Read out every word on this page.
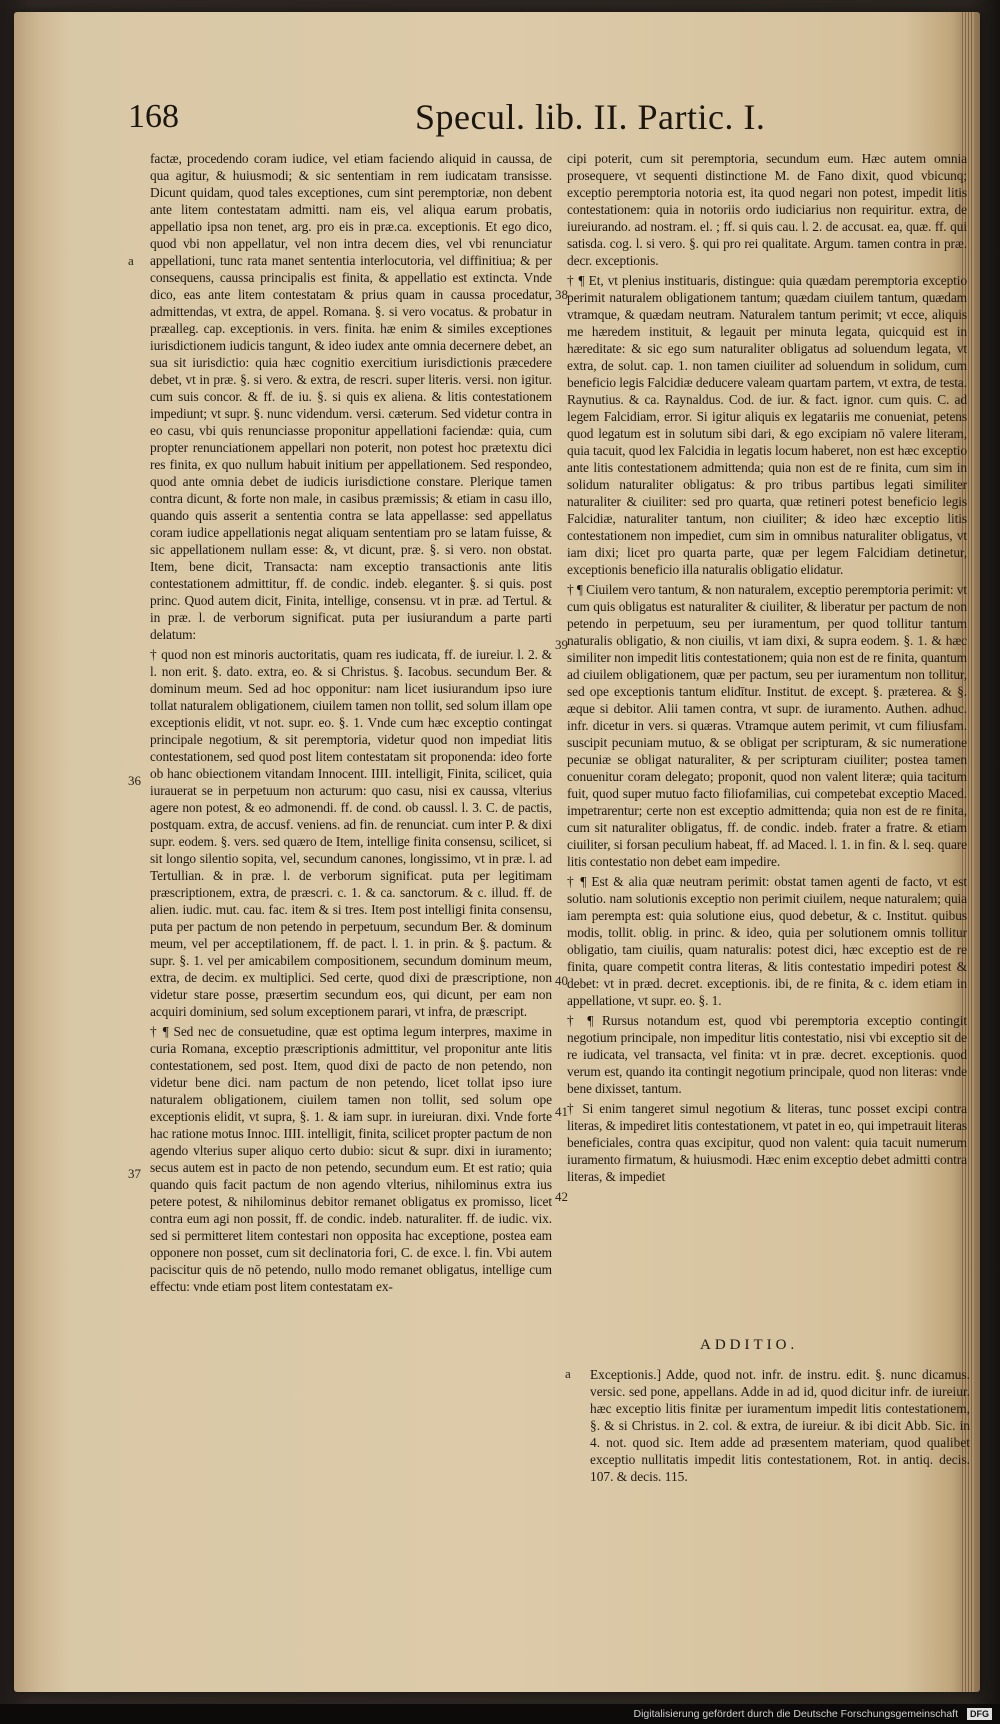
168	Specul. lib. II. Partic. I.
a
36
37
38
39
40
41
42

factæ, procedendo coram iudice, vel etiam faciendo aliquid in caussa, de qua agitur, & huiusmodi; & sic sententiam in rem iudicatam transisse. Dicunt quidam, quod tales exceptiones, cum sint peremptoriæ, non debent ante litem contestatam admitti. nam eis, vel aliqua earum probatis, appellatio ipsa non tenet, arg. pro eis in præ.ca. exceptionis. Et ego dico, quod vbi non appellatur, vel non intra decem dies, vel vbi renunciatur appellationi, tunc rata manet sententia interlocutoria, vel diffinitiua; & per consequens, caussa principalis est finita, & appellatio est extincta. Vnde dico, eas ante litem contestatam & prius quam in caussa procedatur, admittendas, vt extra, de appel. Romana. §. si vero vocatus. & probatur in præalleg. cap. exceptionis. in vers. finita. hæ enim & similes exceptiones iurisdictionem iudicis tangunt, & ideo iudex ante omnia decernere debet, an sua sit iurisdictio: quia hæc cognitio exercitium iurisdictionis præcedere debet, vt in præ. §. si vero. & extra, de rescri. super literis. versi. non igitur. cum suis concor. & ff. de iu. §. si quis ex aliena. & litis contestationem impediunt; vt supr. §. nunc videndum. versi. cæterum. Sed videtur contra in eo casu, vbi quis renunciasse proponitur appellationi faciendæ: quia, cum propter renunciationem appellari non poterit, non potest hoc prætextu dici res finita, ex quo nullum habuit initium per appellationem. Sed respondeo, quod ante omnia debet de iudicis iurisdictione constare. Plerique tamen contra dicunt, & forte non male, in casibus præmissis; & etiam in casu illo, quando quis asserit a sententia contra se lata appellasse: sed appellatus coram iudice appellationis negat aliquam sententiam pro se latam fuisse, & sic appellationem nullam esse: &, vt dicunt, præ. §. si vero. non obstat. Item, bene dicit, Transacta: nam exceptio transactionis ante litis contestationem admittitur, ff. de condic. indeb. eleganter. §. si quis. post princ. Quod autem dicit, Finita, intellige, consensu. vt in præ. ad Tertul. & in præ. l. de verborum significat. puta per iusiurandum a parte parti delatum:

† quod non est minoris auctoritatis, quam res iudicata, ff. de iureiur. l. 2. & l. non erit. §. dato. extra, eo. & si Christus. §. Iacobus. secundum Ber. & dominum meum. Sed ad hoc opponitur: nam licet iusiurandum ipso iure tollat naturalem obligationem, ciuilem tamen non tollit, sed solum illam ope exceptionis elidit, vt not. supr. eo. §. 1. Vnde cum hæc exceptio contingat principale negotium, & sit peremptoria, videtur quod non impediat litis contestationem, sed quod post litem contestatam sit proponenda: ideo forte ob hanc obiectionem vitandam Innocent. IIII. intelligit, Finita, scilicet, quia iurauerat se in perpetuum non acturum: quo casu, nisi ex caussa, vlterius agere non potest, & eo admonendi. ff. de cond. ob caussl. l. 3. C. de pactis, postquam. extra, de accusf. veniens. ad fin. de renunciat. cum inter P. & dixi supr. eodem. §. vers. sed quæro de Item, intellige finita consensu, scilicet, si sit longo silentio sopita, vel, secundum canones, longissimo, vt in præ. l. ad Tertullian. & in præ. l. de verborum significat. puta per legitimam præscriptionem, extra, de præscri. c. 1. & ca. sanctorum. & c. illud. ff. de alien. iudic. mut. cau. fac. item & si tres. Item post intelligi finita consensu, puta per pactum de non petendo in perpetuum, secundum Ber. & dominum meum, vel per acceptilationem, ff. de pact. l. 1. in prin. & §. pactum. & supr. §. 1. vel per amicabilem compositionem, secundum dominum meum, extra, de decim. ex multiplici. Sed certe, quod dixi de præscriptione, non videtur stare posse, præsertim secundum eos, qui dicunt, per eam non acquiri dominium, sed solum exceptionem parari, vt infra, de præscript.

† ¶ Sed nec de consuetudine, quæ est optima legum interpres, maxime in curia Romana, exceptio præscriptionis admittitur, vel proponitur ante litis contestationem, sed post. Item, quod dixi de pacto de non petendo, non videtur bene dici. nam pactum de non petendo, licet tollat ipso iure naturalem obligationem, ciuilem tamen non tollit, sed solum ope exceptionis elidit, vt supra, §. 1. & iam supr. in iureiuran. dixi. Vnde forte hac ratione motus Innoc. IIII. intelligit, finita, scilicet propter pactum de non agendo vlterius super aliquo certo dubio: sicut & supr. dixi in iuramento; secus autem est in pacto de non petendo, secundum eum. Et est ratio; quia quando quis facit pactum de non agendo vlterius, nihilominus extra ius petere potest, & nihilominus debitor remanet obligatus ex promisso, licet contra eum agi non possit, ff. de condic. indeb. naturaliter. ff. de iudic. vix. sed si permitteret litem contestari non opposita hac exceptione, postea eam opponere non posset, cum sit declinatoria fori, C. de exce. l. fin. Vbi autem paciscitur quis de nō petendo, nullo modo remanet obligatus, intellige cum effectu: vnde etiam post litem contestatam ex-

cipi poterit, cum sit peremptoria, secundum eum. Hæc autem omnia prosequere, vt sequenti distinctione M. de Fano dixit, quod vbicunq; exceptio peremptoria notoria est, ita quod negari non potest, impedit litis contestationem: quia in notoriis ordo iudiciarius non requiritur. extra, de iureiurando. ad nostram. el. ; ff. si quis cau. l. 2. de accusat. ea, quæ. ff. qui satisda. cog. l. si vero. §. qui pro rei qualitate. Argum. tamen contra in præ. decr. exceptionis.

† ¶ Et, vt plenius instituaris, distingue: quia quædam peremptoria exceptio perimit naturalem obligationem tantum; quædam ciuilem tantum, quædam vtramque, & quædam neutram. Naturalem tantum perimit; vt ecce, aliquis me hæredem instituit, & legauit per minuta legata, quicquid est in hæreditate: & sic ego sum naturaliter obligatus ad soluendum legata, vt extra, de solut. cap. 1. non tamen ciuiliter ad soluendum in solidum, cum beneficio legis Falcidiæ deducere valeam quartam partem, vt extra, de testa. Raynutius. & ca. Raynaldus. Cod. de iur. & fact. ignor. cum quis. C. ad legem Falcidiam, error. Si igitur aliquis ex legatariis me conueniat, petens quod legatum est in solutum sibi dari, & ego excipiam nō valere literam, quia tacuit, quod lex Falcidia in legatis locum haberet, non est hæc exceptio ante litis contestationem admittenda; quia non est de re finita, cum sim in solidum naturaliter obligatus: & pro tribus partibus legati similiter naturaliter & ciuiliter: sed pro quarta, quæ retineri potest beneficio legis Falcidiæ, naturaliter tantum, non ciuiliter; & ideo hæc exceptio litis contestationem non impediet, cum sim in omnibus naturaliter obligatus, vt iam dixi; licet pro quarta parte, quæ per legem Falcidiam detinetur, exceptionis beneficio illa naturalis obligatio elidatur.

† ¶ Ciuilem vero tantum, & non naturalem, exceptio peremptoria perimit: vt cum quis obligatus est naturaliter & ciuiliter, & liberatur per pactum de non petendo in perpetuum, seu per iuramentum, per quod tollitur tantum naturalis obligatio, & non ciuilis, vt iam dixi, & supra eodem. §. 1. & hæc similiter non impedit litis contestationem; quia non est de re finita, quantum ad ciuilem obligationem, quæ per pactum, seu per iuramentum non tollitur, sed ope exceptionis tantum elidītur. Institut. de except. §. præterea. & §. æque si debitor. Alii tamen contra, vt supr. de iuramento. Authen. adhuc. infr. dicetur in vers. si quæras. Vtramque autem perimit, vt cum filiusfam. suscipit pecuniam mutuo, & se obligat per scripturam, & sic numeratione pecuniæ se obligat naturaliter, & per scripturam ciuiliter; postea tamen conuenitur coram delegato; proponit, quod non valent literæ; quia tacitum fuit, quod super mutuo facto filiofamilias, cui competebat exceptio Maced. impetrarentur; certe non est exceptio admittenda; quia non est de re finita, cum sit naturaliter obligatus, ff. de condic. indeb. frater a fratre. & etiam ciuiliter, si forsan peculium habeat, ff. ad Maced. l. 1. in fin. & l. seq. quare litis contestatio non debet eam impedire.

† ¶ Est & alia quæ neutram perimit: obstat tamen agenti de facto, vt est solutio. nam solutionis exceptio non perimit ciuilem, neque naturalem; quia iam perempta est: quia solutione eius, quod debetur, & c. Institut. quibus modis, tollit. oblig. in princ. & ideo, quia per solutionem omnis tollitur obligatio, tam ciuilis, quam naturalis: potest dici, hæc exceptio est de re finita, quare competit contra literas, & litis contestatio impediri potest & debet: vt in præd. decret. exceptionis. ibi, de re finita, & c. idem etiam in appellatione, vt supr. eo. §. 1.

† ¶ Rursus notandum est, quod vbi peremptoria exceptio contingit negotium principale, non impeditur litis contestatio, nisi vbi exceptio sit de re iudicata, vel transacta, vel finita: vt in præ. decret. exceptionis. quod verum est, quando ita contingit negotium principale, quod non literas: vnde bene dixisset, tantum.

† Si enim tangeret simul negotium & literas, tunc posset excipi contra literas, & impediret litis contestationem, vt patet in eo, qui impetrauit literas beneficiales, contra quas excipitur, quod non valent: quia tacuit numerum iuramento firmatum, & huiusmodi. Hæc enim exceptio debet admitti contra literas, & impediet

ADDITIO.
a Exceptionis.] Adde, quod not. infr. de instru. edit. §. nunc dicamus. versic. sed pone, appellans. Adde in ad id, quod dicitur infr. de iureiur. hæc exceptio litis finitæ per iuramentum impedit litis contestationem, §. & si Christus. in 2. col. & extra, de iureiur. & ibi dicit Abb. Sic. in 4. not. quod sic. Item adde ad præsentem materiam, quod qualibet exceptio nullitatis impedit litis contestationem, Rot. in antiq. decis. 107. & decis. 115.
Digitalisierung gefördert durch die Deutsche Forschungsgemeinschaft	DFG
